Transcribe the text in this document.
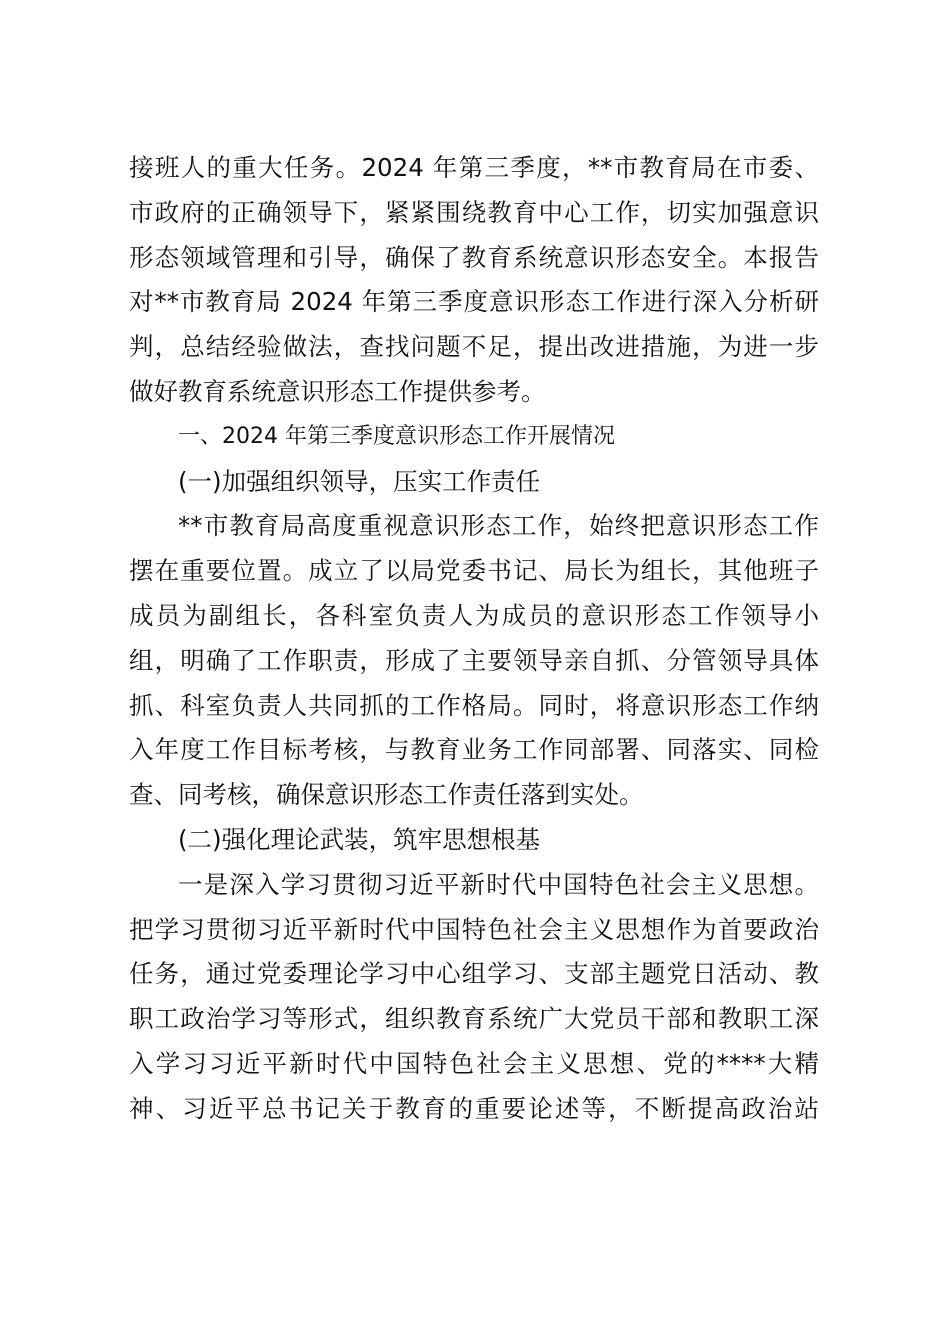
接班人的重大任务。2024 年第三季度，**市教育局在市委、
市政府的正确领导下，紧紧围绕教育中心工作，切实加强意识
形态领域管理和引导，确保了教育系统意识形态安全。本报告
对**市教育局 2024 年第三季度意识形态工作进行深入分析研
判，总结经验做法，查找问题不足，提出改进措施，为进一步
做好教育系统意识形态工作提供参考。
一、2024 年第三季度意识形态工作开展情况
(一)加强组织领导，压实工作责任
**市教育局高度重视意识形态工作，始终把意识形态工作
摆在重要位置。成立了以局党委书记、局长为组长，其他班子
成员为副组长，各科室负责人为成员的意识形态工作领导小
组，明确了工作职责，形成了主要领导亲自抓、分管领导具体
抓、科室负责人共同抓的工作格局。同时，将意识形态工作纳
入年度工作目标考核，与教育业务工作同部署、同落实、同检
查、同考核，确保意识形态工作责任落到实处。
(二)强化理论武装，筑牢思想根基
一是深入学习贯彻习近平新时代中国特色社会主义思想。
把学习贯彻习近平新时代中国特色社会主义思想作为首要政治
任务，通过党委理论学习中心组学习、支部主题党日活动、教
职工政治学习等形式，组织教育系统广大党员干部和教职工深
入学习习近平新时代中国特色社会主义思想、党的****大精
神、习近平总书记关于教育的重要论述等，不断提高政治站
